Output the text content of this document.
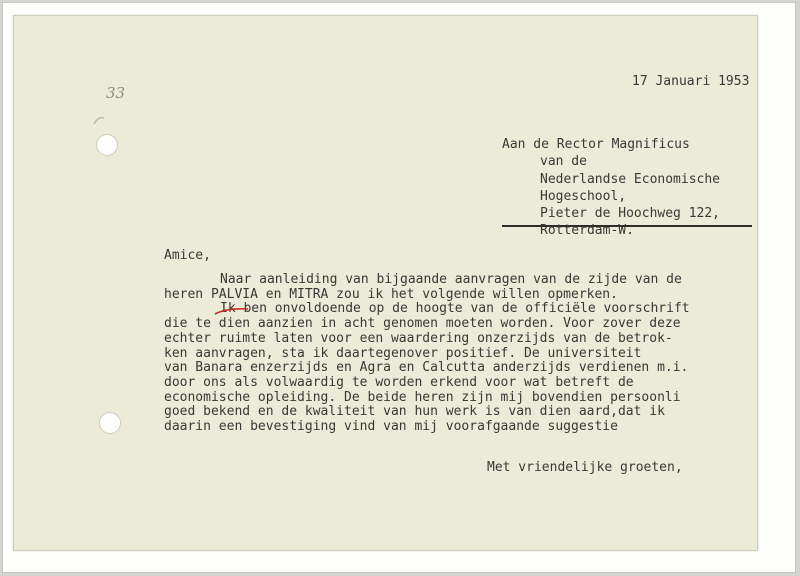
33
17 Januari 1953
Aan de Rector Magnificus
van de
Nederlandse Economische
Hogeschool,
Pieter de Hoochweg 122,
Rotterdam-W.
Amice,
Naar aanleiding van bijgaande aanvragen van de zijde van de
heren PALVIA en MITRA zou ik het volgende willen opmerken.
Ik ben onvoldoende op de hoogte van de officiële voorschrift
die te dien aanzien in acht genomen moeten worden. Voor zover deze
echter ruimte laten voor een waardering onzerzijds van de betrok-
ken aanvragen, sta ik daartegenover positief. De universiteit
van Banara enzerzijds en Agra en Calcutta anderzijds verdienen m.i.
door ons als volwaardig te worden erkend voor wat betreft de
economische opleiding. De beide heren zijn mij bovendien persoonli
goed bekend en de kwaliteit van hun werk is van dien aard,dat ik
daarin een bevestiging vind van mij voorafgaande suggestie
Met vriendelijke groeten,
